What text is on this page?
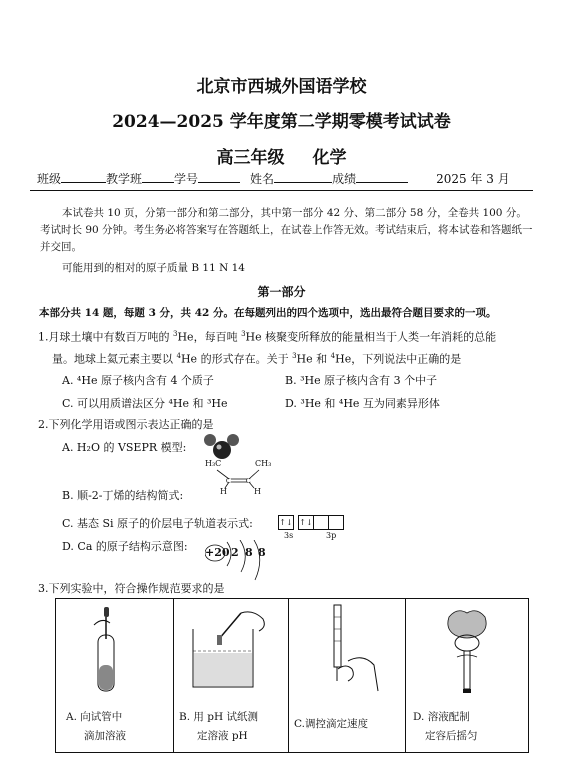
北京市西城外国语学校
2024—2025 学年度第二学期零模考试试卷
高三年级 化学
班级	教学班	学号	姓名	成绩	2025 年 3 月
本试卷共 10 页，分第一部分和第二部分，其中第一部分 42 分、第二部分 58 分，全卷共 100 分。考试时长 90 分钟。考生务必将答案写在答题纸上，在试卷上作答无效。考试结束后，将本试卷和答题纸一并交回。
可能用到的相对的原子质量 B 11 N 14
第一部分
本部分共 14 题，每题 3 分，共 42 分。在每题列出的四个选项中，选出最符合题目要求的一项。
1.月球土壤中有数百万吨的 $^3$He，每百吨 $^3$He 核聚变所释放的能量相当于人类一年消耗的总能
量。地球上氦元素主要以 $^4$He 的形式存在。关于 $^3$He 和 $^4$He，下列说法中正确的是
A. ⁴He 原子核内含有 4 个质子	B. ³He 原子核内含有 3 个中子
C. 可以用质谱法区分 ⁴He 和 ³He	D. ³He 和 ⁴He 互为同素异形体
2.下列化学用语或图示表达正确的是
A. H₂O 的 VSEPR 模型:
H₃C	CH₃
H	H
C C
B. 顺-2-丁烯的结构简式:
C. 基态 Si 原子的价层电子轨道表示式:	↑↓ ↑↓
3s	3p
D. Ca 的原子结构示意图: +20 2 8 8
3.下列实验中，符合操作规范要求的是
A. 向试管中
滴加溶液
B. 用 pH 试纸测
定溶液 pH
C.调控滴定速度
D. 溶液配制
定容后摇匀
